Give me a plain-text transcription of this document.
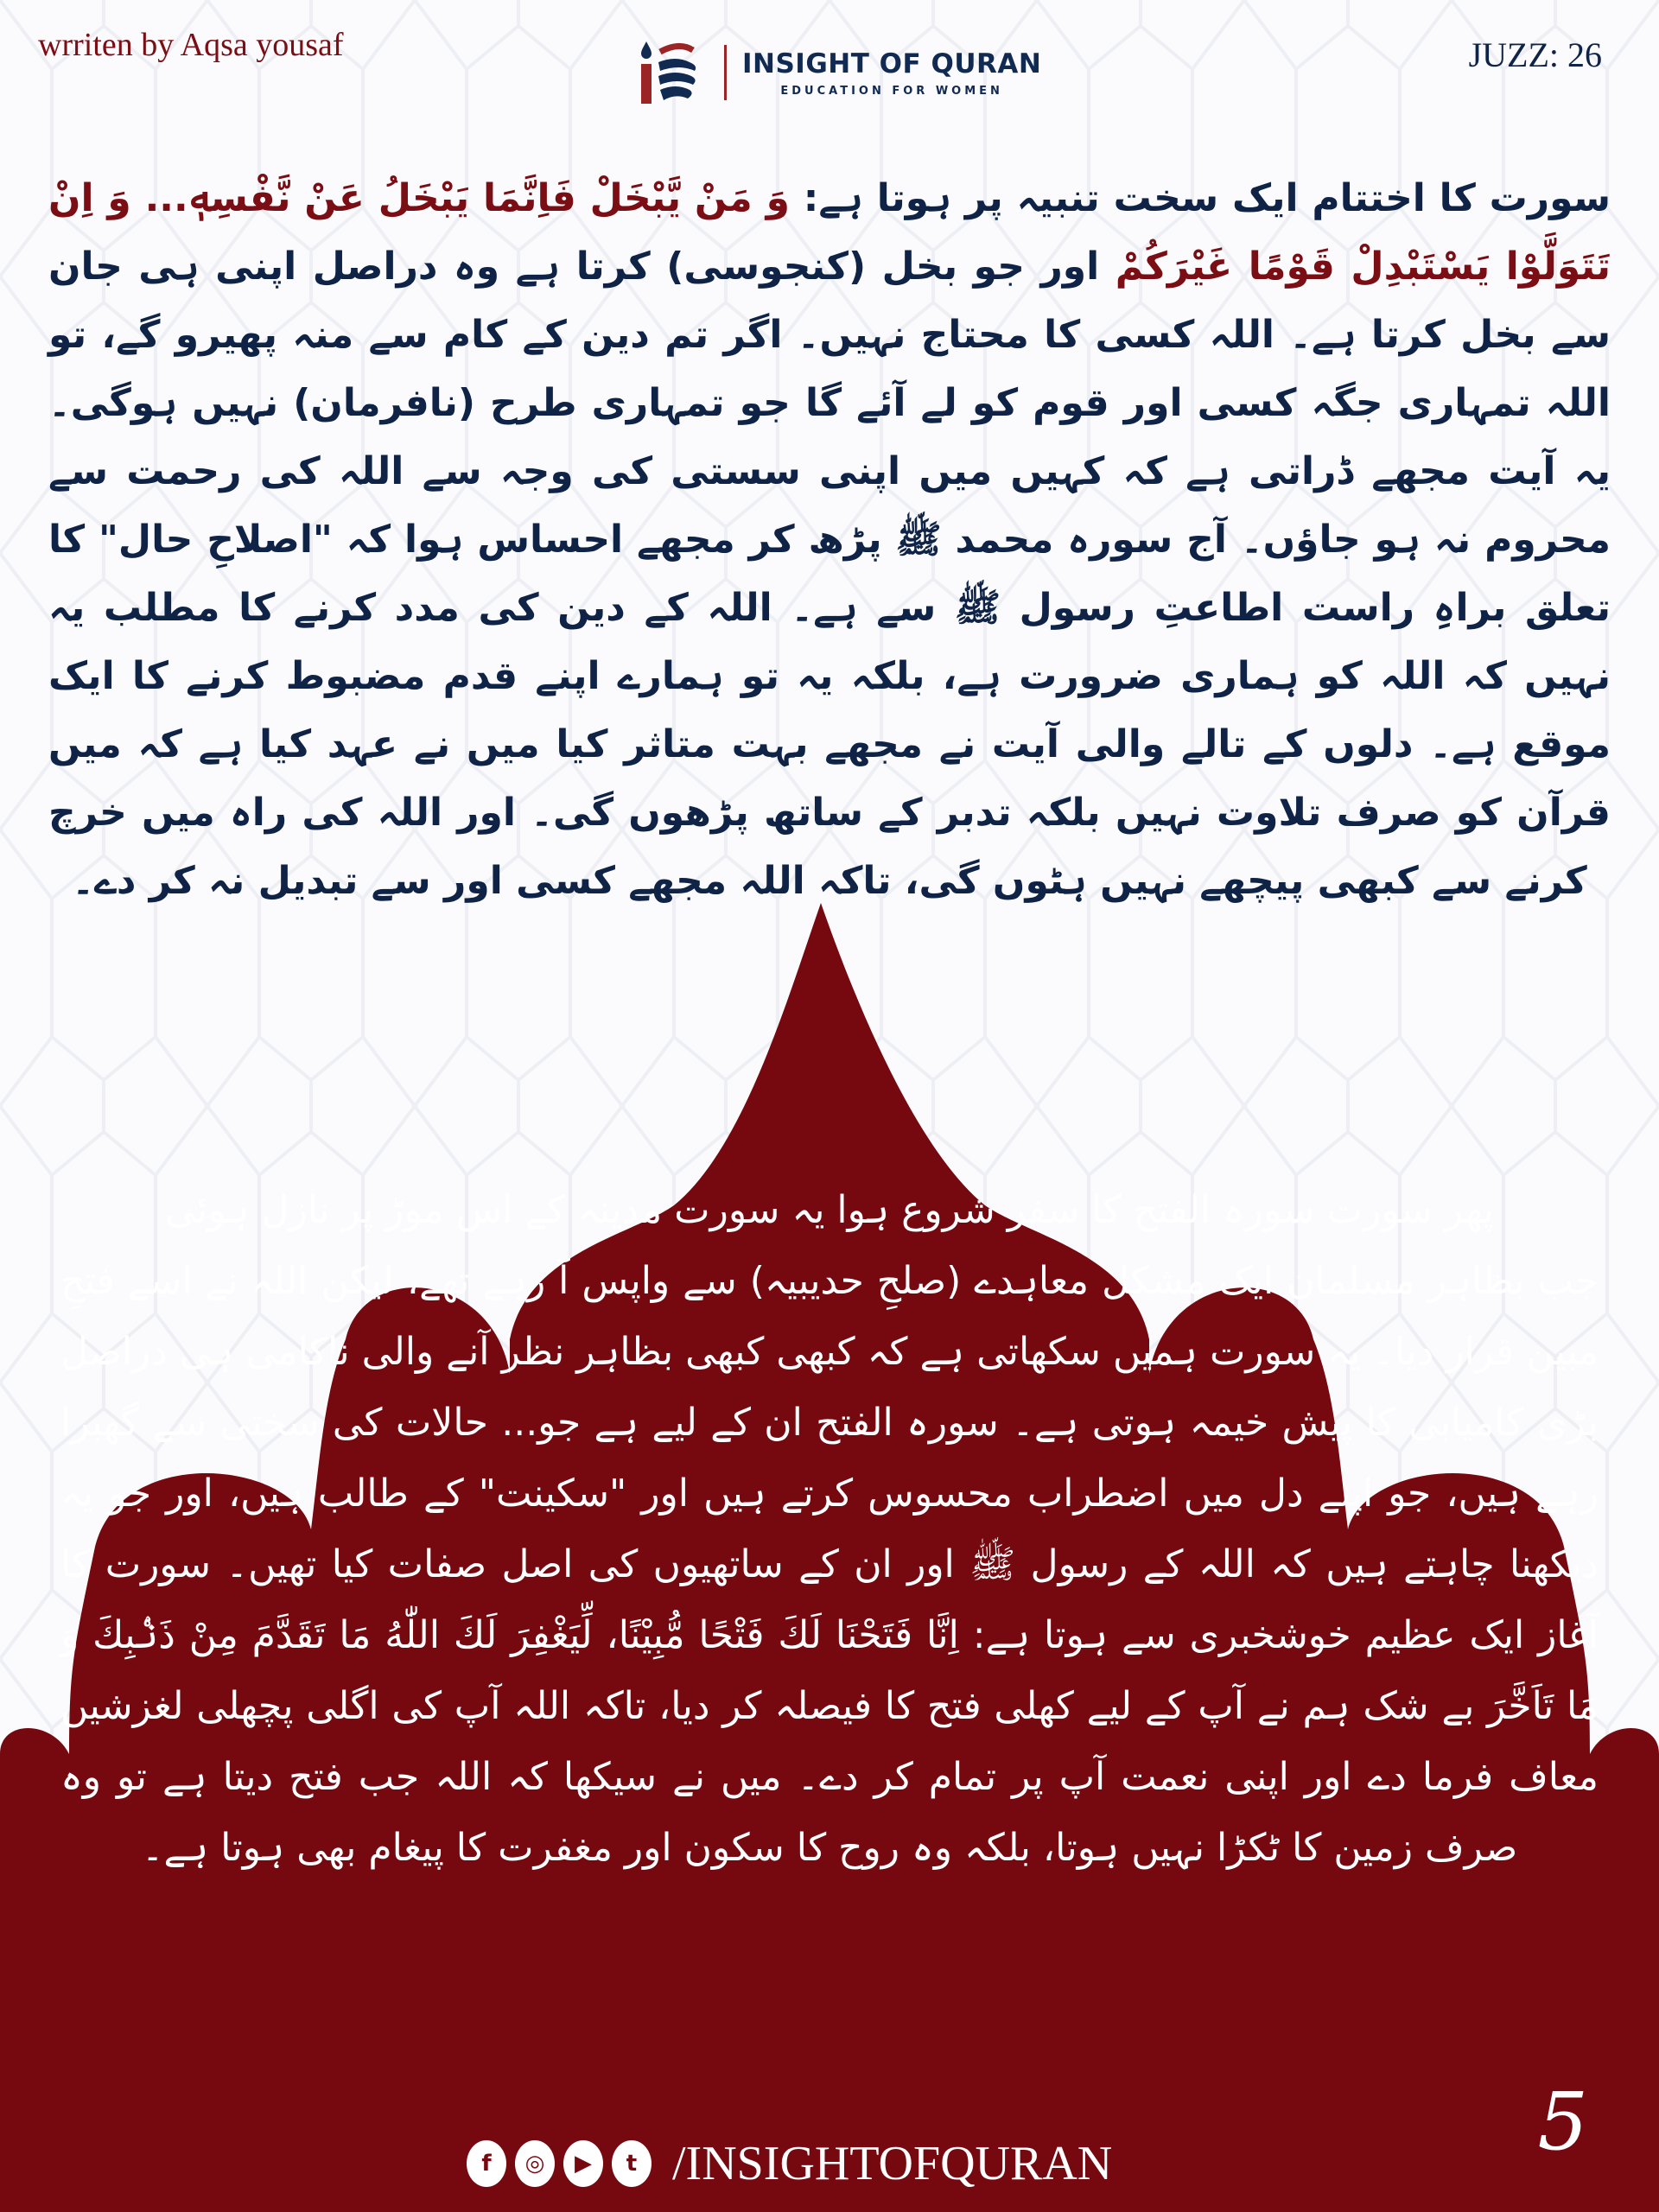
wrriten by Aqsa yousaf
INSIGHT OF QURAN
EDUCATION FOR WOMEN
JUZZ: 26
سورت کا اختتام ایک سخت تنبیہ پر ہوتا ہے: وَ مَنْ يَّبْخَلْ فَاِنَّمَا يَبْخَلُ عَنْ نَّفْسِهٖ... وَ اِنْ تَتَوَلَّوْا يَسْتَبْدِلْ قَوْمًا غَيْرَكُمْ اور جو بخل (کنجوسی) کرتا ہے وہ دراصل اپنی ہی جان سے بخل کرتا ہے۔ اللہ کسی کا محتاج نہیں۔ اگر تم دین کے کام سے منہ پھیرو گے، تو اللہ تمہاری جگہ کسی اور قوم کو لے آئے گا جو تمہاری طرح (نافرمان) نہیں ہوگی۔ یہ آیت مجھے ڈراتی ہے کہ کہیں میں اپنی سستی کی وجہ سے اللہ کی رحمت سے محروم نہ ہو جاؤں۔ آج سورہ محمد ﷺ پڑھ کر مجھے احساس ہوا کہ "اصلاحِ حال" کا تعلق براہِ راست اطاعتِ رسول ﷺ سے ہے۔ اللہ کے دین کی مدد کرنے کا مطلب یہ نہیں کہ اللہ کو ہماری ضرورت ہے، بلکہ یہ تو ہمارے اپنے قدم مضبوط کرنے کا ایک موقع ہے۔ دلوں کے تالے والی آیت نے مجھے بہت متاثر کیا میں نے عہد کیا ہے کہ میں قرآن کو صرف تلاوت نہیں بلکہ تدبر کے ساتھ پڑھوں گی۔ اور اللہ کی راہ میں خرچ کرنے سے کبھی پیچھے نہیں ہٹوں گی، تاکہ اللہ مجھے کسی اور سے تبدیل نہ کر دے۔
پھر سورت سورہ الفتح کا سفر شروع ہوا یہ سورت مدینہ کے اس موڑ پر نازل ہوئی
جب بظاہر مسلمان ایک مشکل معاہدے (صلحِ حدیبیہ) سے واپس آ رہے تھے، لیکن اللہ نے اسے فتحِ مبین قرار دیا۔ یہ سورت ہمیں سکھاتی ہے کہ کبھی کبھی بظاہر نظر آنے والی ناکامی ہی دراصل بڑی کامیابی کا پیش خیمہ ہوتی ہے۔ سورہ الفتح ان کے لیے ہے جو... حالات کی سختی سے گھبرا رہے ہیں، جو اپنے دل میں اضطراب محسوس کرتے ہیں اور "سکینت" کے طالب ہیں، اور جو یہ دیکھنا چاہتے ہیں کہ اللہ کے رسول ﷺ اور ان کے ساتھیوں کی اصل صفات کیا تھیں۔ سورت کا آغاز ایک عظیم خوشخبری سے ہوتا ہے: اِنَّا فَتَحْنَا لَكَ فَتْحًا مُّبِيْنًا، لِّيَغْفِرَ لَكَ اللّٰهُ مَا تَقَدَّمَ مِنْ ذَنْۢبِكَ وَ مَا تَاَخَّرَ بے شک ہم نے آپ کے لیے کھلی فتح کا فیصلہ کر دیا، تاکہ اللہ آپ کی اگلی پچھلی لغزشیں معاف فرما دے اور اپنی نعمت آپ پر تمام کر دے۔ میں نے سیکھا کہ اللہ جب فتح دیتا ہے تو وہ صرف زمین کا ٹکڑا نہیں ہوتا، بلکہ وہ روح کا سکون اور مغفرت کا پیغام بھی ہوتا ہے۔
f	◎	▶	t /INSIGHTOFQURAN	5
